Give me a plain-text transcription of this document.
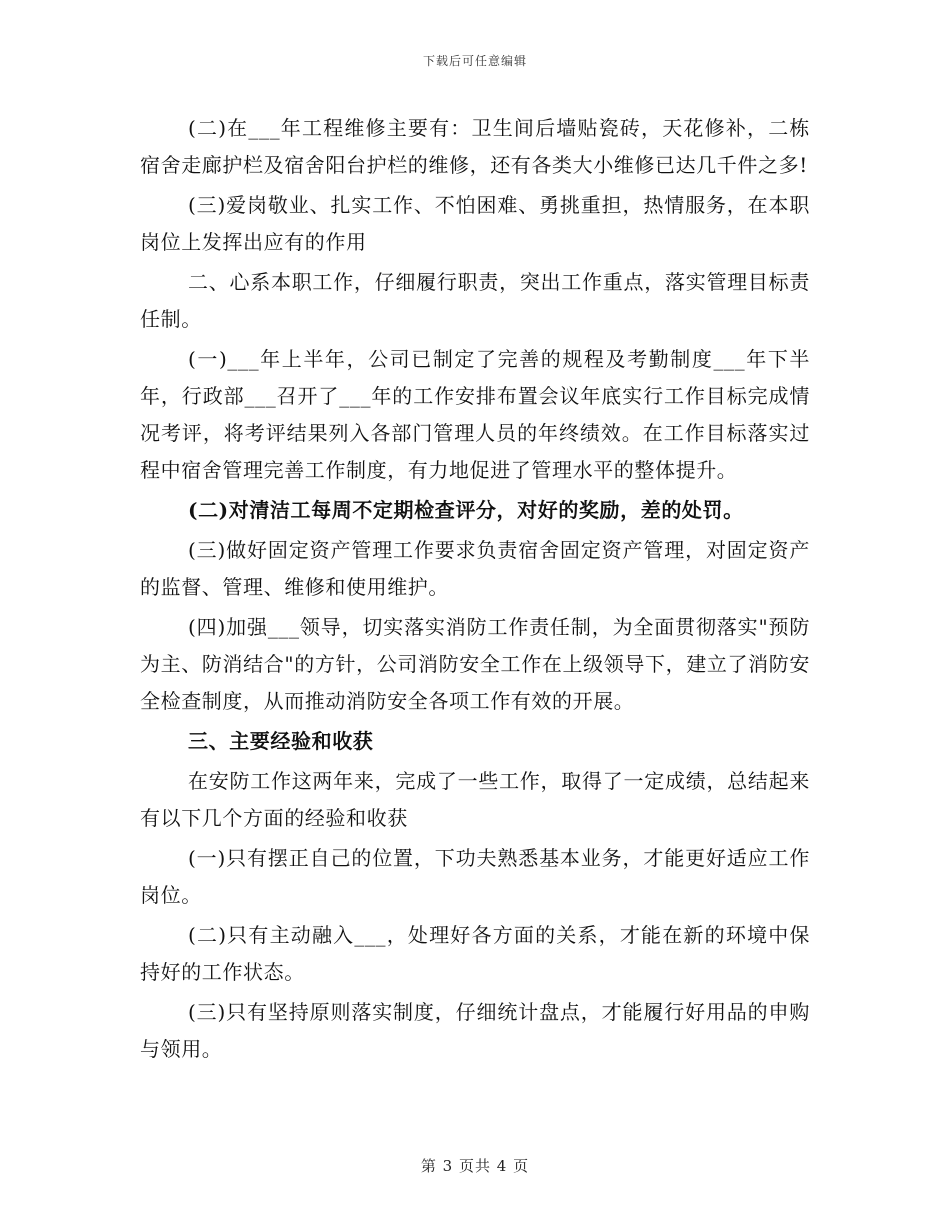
下载后可任意编辑

(二)在___年工程维修主要有：卫生间后墙贴瓷砖，天花修补，二栋宿舍走廊护栏及宿舍阳台护栏的维修，还有各类大小维修已达几千件之多!

(三)爱岗敬业、扎实工作、不怕困难、勇挑重担，热情服务，在本职岗位上发挥出应有的作用

二、心系本职工作，仔细履行职责，突出工作重点，落实管理目标责任制。

(一)___年上半年，公司已制定了完善的规程及考勤制度___年下半年，行政部___召开了___年的工作安排布置会议年底实行工作目标完成情况考评，将考评结果列入各部门管理人员的年终绩效。在工作目标落实过程中宿舍管理完善工作制度，有力地促进了管理水平的整体提升。

(二)对清洁工每周不定期检查评分，对好的奖励，差的处罚。

(三)做好固定资产管理工作要求负责宿舍固定资产管理，对固定资产的监督、管理、维修和使用维护。

(四)加强___领导，切实落实消防工作责任制，为全面贯彻落实"预防为主、防消结合"的方针，公司消防安全工作在上级领导下，建立了消防安全检查制度，从而推动消防安全各项工作有效的开展。

三、主要经验和收获

在安防工作这两年来，完成了一些工作，取得了一定成绩，总结起来有以下几个方面的经验和收获

(一)只有摆正自己的位置，下功夫熟悉基本业务，才能更好适应工作岗位。

(二)只有主动融入___，处理好各方面的关系，才能在新的环境中保持好的工作状态。

(三)只有坚持原则落实制度，仔细统计盘点，才能履行好用品的申购与领用。

第 3 页共 4 页
